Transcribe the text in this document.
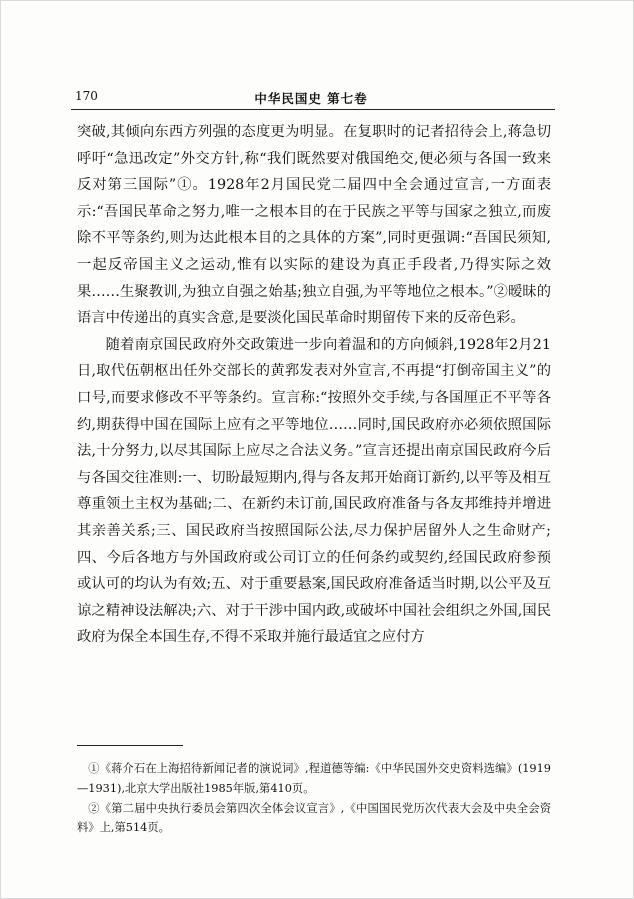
170	中华民国史 第七卷

突破,其倾向东西方列强的态度更为明显。在复职时的记者招待会上,蒋急切呼吁“急迅改定”外交方针,称“我们既然要对俄国绝交,便必须与各国一致来反对第三国际”①。1928年2月国民党二届四中全会通过宣言,一方面表示:“吾国民革命之努力,唯一之根本目的在于民族之平等与国家之独立,而废除不平等条约,则为达此根本目的之具体的方案”,同时更强调:“吾国民须知,一起反帝国主义之运动,惟有以实际的建设为真正手段者,乃得实际之效果……生聚教训,为独立自强之始基;独立自强,为平等地位之根本。”②暧昧的语言中传递出的真实含意,是要淡化国民革命时期留传下来的反帝色彩。

随着南京国民政府外交政策进一步向着温和的方向倾斜,1928年2月21日,取代伍朝枢出任外交部长的黄郛发表对外宣言,不再提“打倒帝国主义”的口号,而要求修改不平等条约。宣言称:“按照外交手续,与各国厘正不平等各约,期获得中国在国际上应有之平等地位……同时,国民政府亦必须依照国际法,十分努力,以尽其国际上应尽之合法义务。”宣言还提出南京国民政府今后与各国交往准则:一、切盼最短期内,得与各友邦开始商订新约,以平等及相互尊重领土主权为基础;二、在新约未订前,国民政府准备与各友邦维持并增进其亲善关系;三、国民政府当按照国际公法,尽力保护居留外人之生命财产;四、今后各地方与外国政府或公司订立的任何条约或契约,经国民政府参预或认可的均认为有效;五、对于重要悬案,国民政府准备适当时期,以公平及互谅之精神设法解决;六、对于干涉中国内政,或破坏中国社会组织之外国,国民政府为保全本国生存,不得不采取并施行最适宜之应付方

①《蒋介石在上海招待新闻记者的演说词》,程道德等编:《中华民国外交史资料选编》(1919—1931),北京大学出版社1985年版,第410页。

②《第二届中央执行委员会第四次全体会议宣言》,《中国国民党历次代表大会及中央全会资料》上,第514页。
